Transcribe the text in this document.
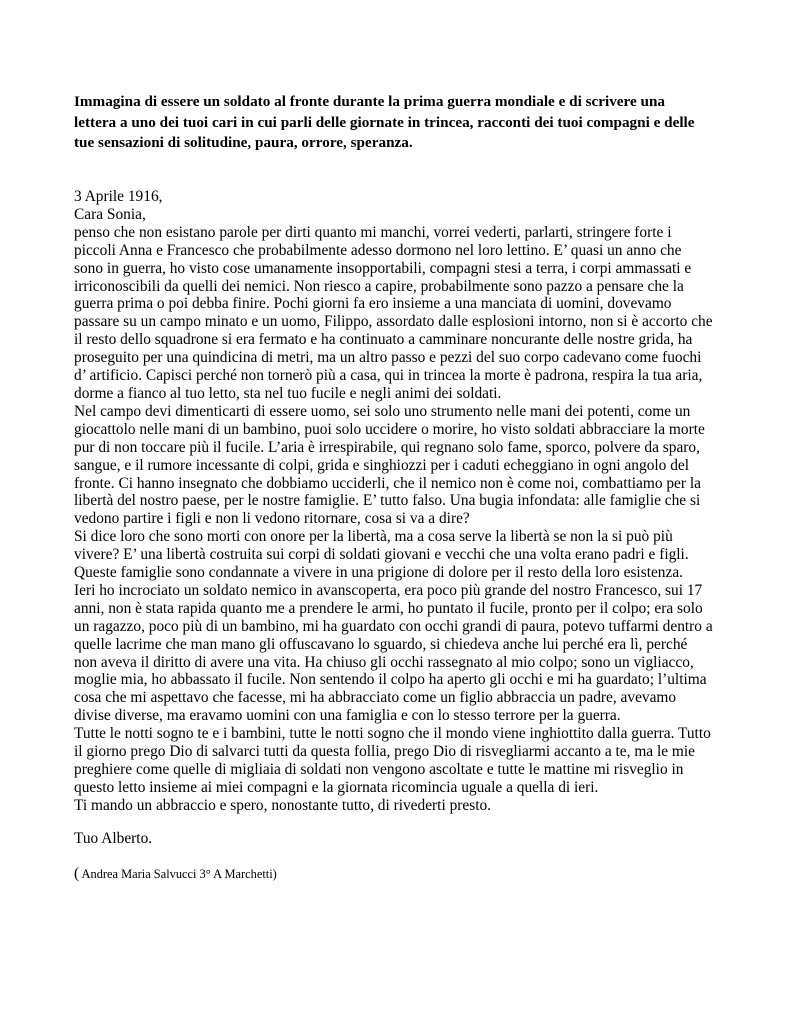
Immagina di essere un soldato al fronte durante la prima guerra mondiale e di scrivere una
lettera a uno dei tuoi cari in cui parli delle giornate in trincea, racconti dei tuoi compagni e delle
tue sensazioni di solitudine, paura, orrore, speranza.

3 Aprile 1916,
Cara Sonia,
penso che non esistano parole per dirti quanto mi manchi, vorrei vederti, parlarti, stringere forte i
piccoli Anna e Francesco che probabilmente adesso dormono nel loro lettino. E’ quasi un anno che
sono in guerra, ho visto cose umanamente insopportabili, compagni stesi a terra, i corpi ammassati e
irriconoscibili da quelli dei nemici. Non riesco a capire, probabilmente sono pazzo a pensare che la
guerra prima o poi debba finire. Pochi giorni fa ero insieme a una manciata di uomini, dovevamo
passare su un campo minato e un uomo, Filippo, assordato dalle esplosioni intorno, non si è accorto che
il resto dello squadrone si era fermato e ha continuato a camminare noncurante delle nostre grida, ha
proseguito per una quindicina di metri, ma un altro passo e pezzi del suo corpo cadevano come fuochi
d’ artificio. Capisci perché non tornerò più a casa, qui in trincea la morte è padrona, respira la tua aria,
dorme a fianco al tuo letto, sta nel tuo fucile e negli animi dei soldati.
Nel campo devi dimenticarti di essere uomo, sei solo uno strumento nelle mani dei potenti, come un
giocattolo nelle mani di un bambino, puoi solo uccidere o morire, ho visto soldati abbracciare la morte
pur di non toccare più il fucile. L’aria è irrespirabile, qui regnano solo fame, sporco, polvere da sparo,
sangue, e il rumore incessante di colpi, grida e singhiozzi per i caduti echeggiano in ogni angolo del
fronte. Ci hanno insegnato che dobbiamo ucciderli, che il nemico non è come noi, combattiamo per la
libertà del nostro paese, per le nostre famiglie. E’ tutto falso. Una bugia infondata: alle famiglie che si
vedono partire i figli e non li vedono ritornare, cosa si va a dire?
Si dice loro che sono morti con onore per la libertà, ma a cosa serve la libertà se non la si può più
vivere? E’ una libertà costruita sui corpi di soldati giovani e vecchi che una volta erano padri e figli.
Queste famiglie sono condannate a vivere in una prigione di dolore per il resto della loro esistenza.
Ieri ho incrociato un soldato nemico in avanscoperta, era poco più grande del nostro Francesco, sui 17
anni, non è stata rapida quanto me a prendere le armi, ho puntato il fucile, pronto per il colpo; era solo
un ragazzo, poco più di un bambino, mi ha guardato con occhi grandi di paura, potevo tuffarmi dentro a
quelle lacrime che man mano gli offuscavano lo sguardo, si chiedeva anche lui perché era lì, perché
non aveva il diritto di avere una vita. Ha chiuso gli occhi rassegnato al mio colpo; sono un vigliacco,
moglie mia, ho abbassato il fucile. Non sentendo il colpo ha aperto gli occhi e mi ha guardato; l’ultima
cosa che mi aspettavo che facesse, mi ha abbracciato come un figlio abbraccia un padre, avevamo
divise diverse, ma eravamo uomini con una famiglia e con lo stesso terrore per la guerra.
Tutte le notti sogno te e i bambini, tutte le notti sogno che il mondo viene inghiottito dalla guerra. Tutto
il giorno prego Dio di salvarci tutti da questa follia, prego Dio di risvegliarmi accanto a te, ma le mie
preghiere come quelle di migliaia di soldati non vengono ascoltate e tutte le mattine mi risveglio in
questo letto insieme ai miei compagni e la giornata ricomincia uguale a quella di ieri.
Ti mando un abbraccio e spero, nonostante tutto, di rivederti presto.
Tuo Alberto.
( Andrea Maria Salvucci 3° A Marchetti)
